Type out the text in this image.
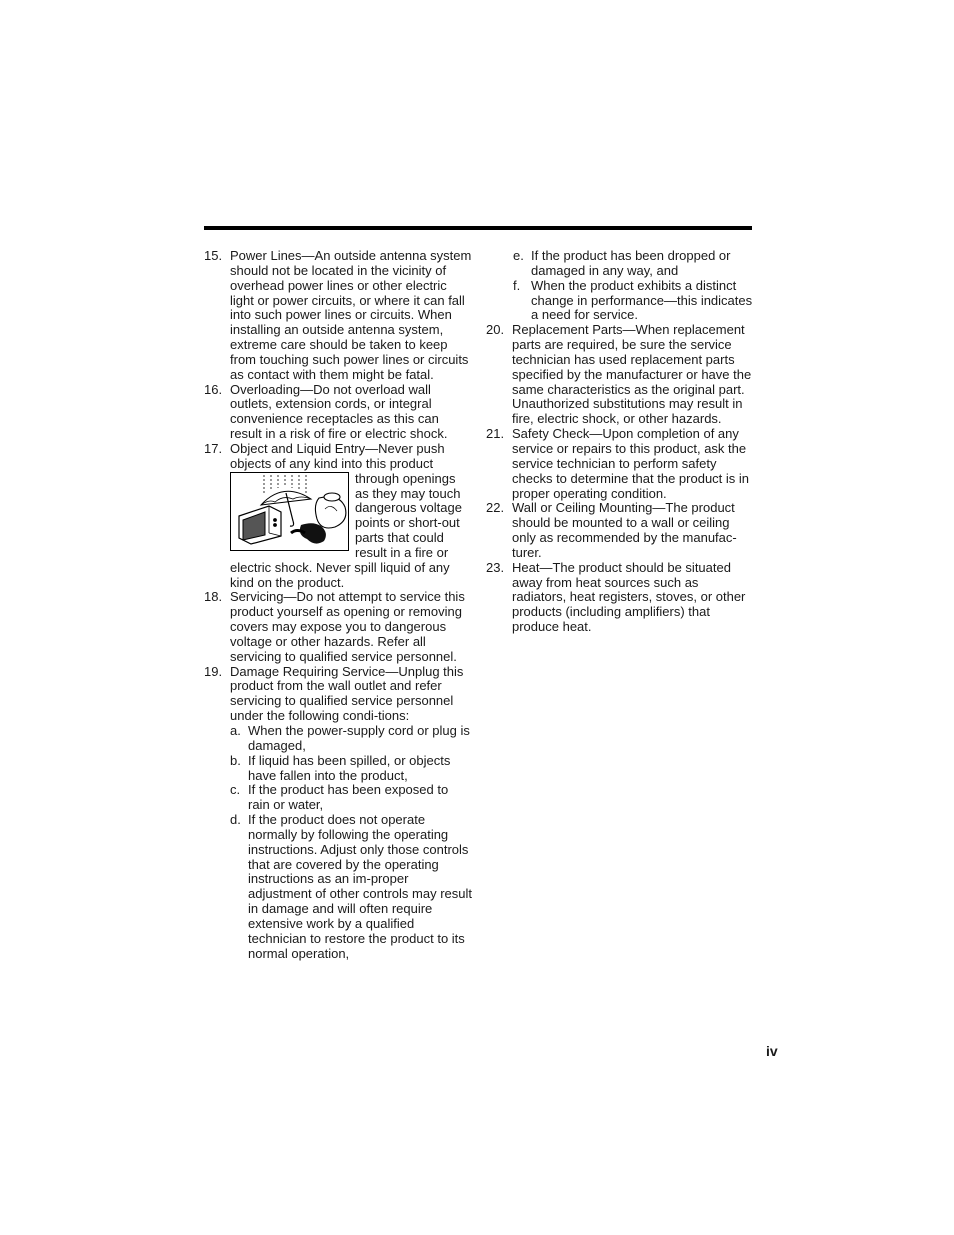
15. Power Lines—An outside antenna system should not be located in the vicinity of overhead power lines or other electric light or power circuits, or where it can fall into such power lines or circuits. When installing an outside antenna system, extreme care should be taken to keep from touching such power lines or circuits as contact with them might be fatal.
16. Overloading—Do not overload wall outlets, extension cords, or integral convenience receptacles as this can result in a risk of fire or electric shock.
17. Object and Liquid Entry—Never push objects of any kind into this product
through openings as they may touch dangerous voltage points or short-out parts that could result in a fire or electric shock. Never spill liquid of any kind on the product.
18. Servicing—Do not attempt to service this product yourself as opening or removing covers may expose you to dangerous voltage or other hazards. Refer all servicing to qualified service personnel.
19. Damage Requiring Service—Unplug this product from the wall outlet and refer servicing to qualified service personnel under the following condi-tions:
a. When the power-supply cord or plug is damaged,
b. If liquid has been spilled, or objects have fallen into the product,
c. If the product has been exposed to rain or water,
d. If the product does not operate normally by following the operating instructions. Adjust only those controls that are covered by the operating instructions as an im-proper adjustment of other controls may result in damage and will often require extensive work by a qualified technician to restore the product to its normal operation,
e. If the product has been dropped or damaged in any way, and
f. When the product exhibits a distinct change in performance—this indicates a need for service.
20. Replacement Parts—When replacement parts are required, be sure the service technician has used replacement parts specified by the manufacturer or have the same characteristics as the original part. Unauthorized substitutions may result in fire, electric shock, or other hazards.
21. Safety Check—Upon completion of any service or repairs to this product, ask the service technician to perform safety checks to determine that the product is in proper operating condition.
22. Wall or Ceiling Mounting—The product should be mounted to a wall or ceiling only as recommended by the manufac-turer.
23. Heat—The product should be situated away from heat sources such as radiators, heat registers, stoves, or other products (including amplifiers) that produce heat.
iv
